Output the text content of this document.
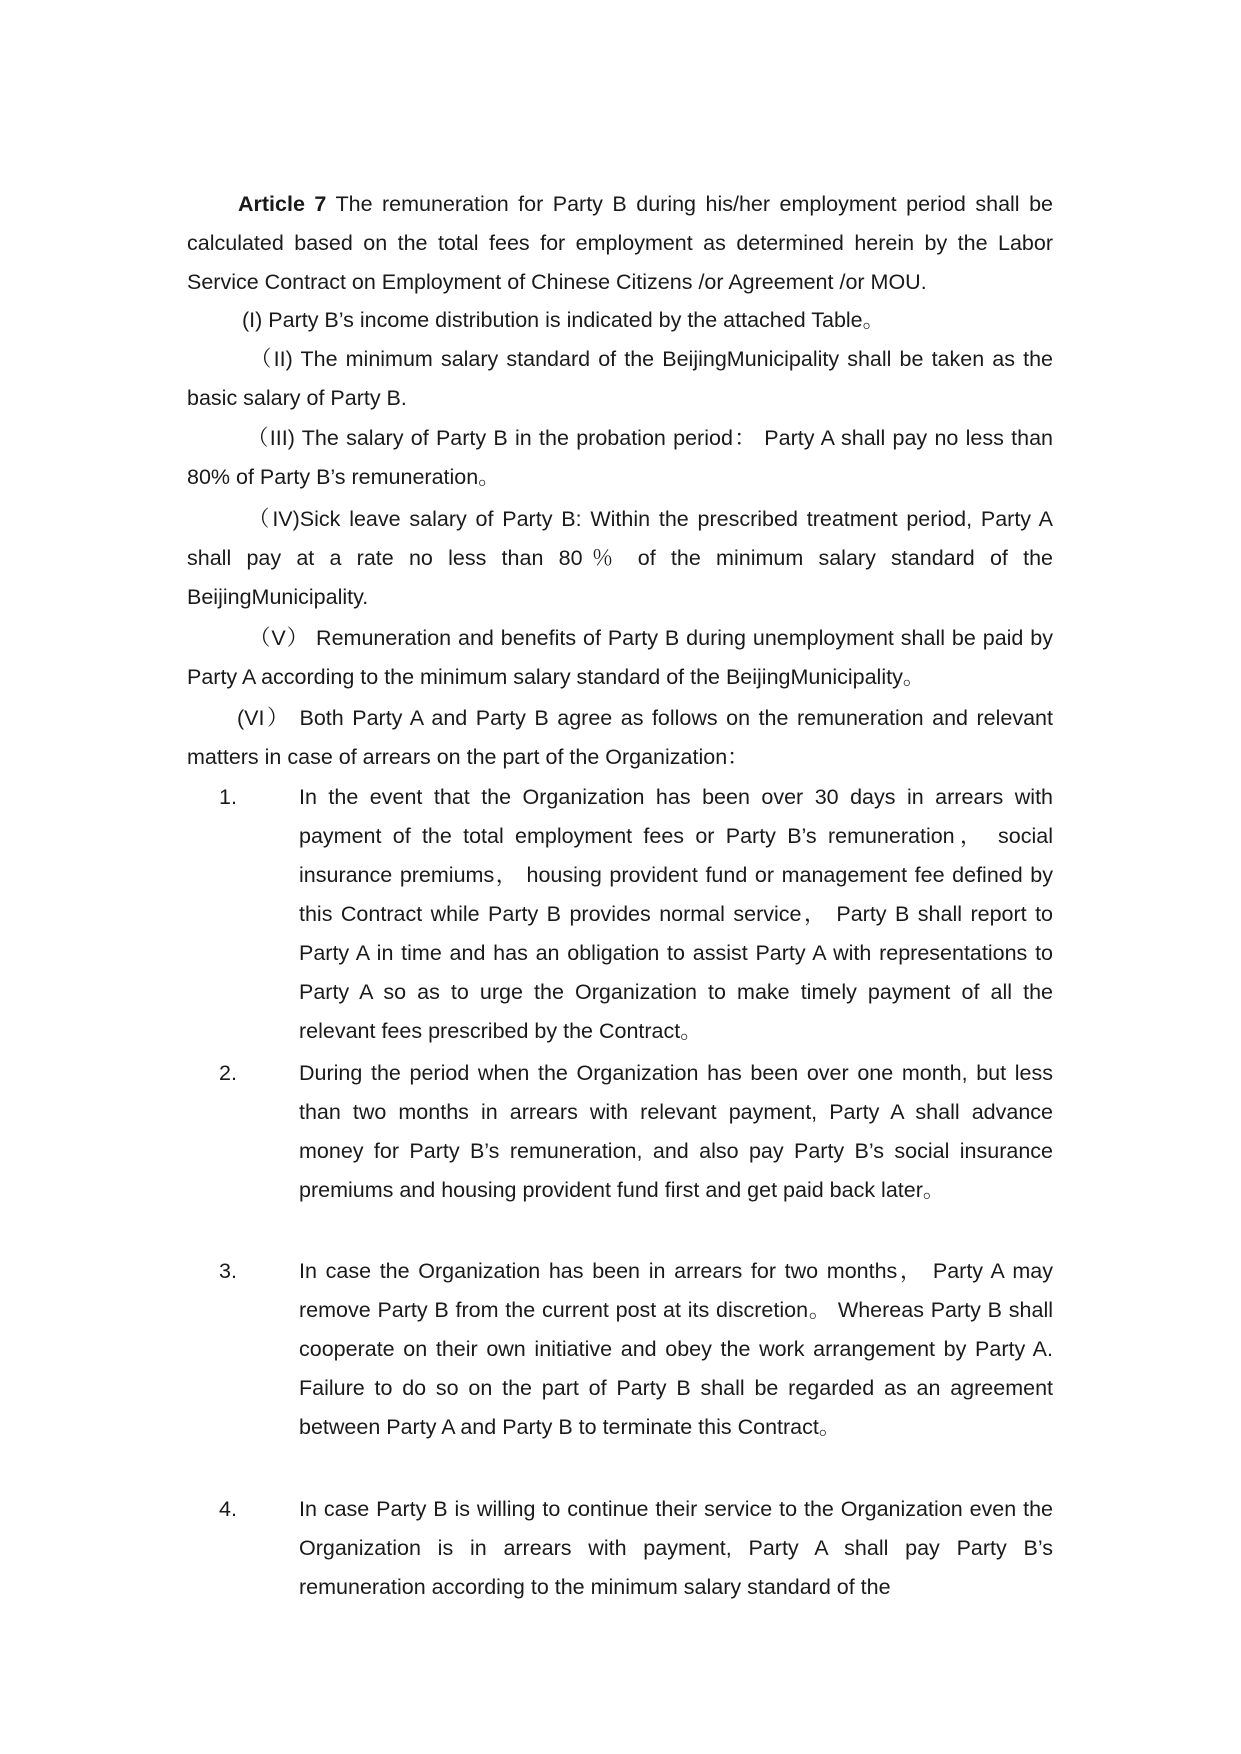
Article 7 The remuneration for Party B during his/her employment period shall be calculated based on the total fees for employment as determined herein by the Labor Service Contract on Employment of Chinese Citizens /or Agreement /or MOU.
(I) Party B’s income distribution is indicated by the attached Table。
（II) The minimum salary standard of the BeijingMunicipality shall be taken as the basic salary of Party B.
（III) The salary of Party B in the probation period： Party A shall pay no less than 80% of Party B’s remuneration。
（IV)Sick leave salary of Party B: Within the prescribed treatment period, Party A shall pay at a rate no less than 80％ of the minimum salary standard of the BeijingMunicipality.
（V） Remuneration and benefits of Party B during unemployment shall be paid by Party A according to the minimum salary standard of the BeijingMunicipality。
(VI） Both Party A and Party B agree as follows on the remuneration and relevant matters in case of arrears on the part of the Organization：
1.	In the event that the Organization has been over 30 days in arrears with payment of the total employment fees or Party B’s remuneration， social insurance premiums， housing provident fund or management fee defined by this Contract while Party B provides normal service， Party B shall report to Party A in time and has an obligation to assist Party A with representations to Party A so as to urge the Organization to make timely payment of all the relevant fees prescribed by the Contract。
2.	During the period when the Organization has been over one month, but less than two months in arrears with relevant payment, Party A shall advance money for Party B’s remuneration, and also pay Party B’s social insurance premiums and housing provident fund first and get paid back later。
3.	In case the Organization has been in arrears for two months， Party A may remove Party B from the current post at its discretion。 Whereas Party B shall cooperate on their own initiative and obey the work arrangement by Party A. Failure to do so on the part of Party B shall be regarded as an agreement between Party A and Party B to terminate this Contract。
4.	In case Party B is willing to continue their service to the Organization even the Organization is in arrears with payment, Party A shall pay Party B’s remuneration according to the minimum salary standard of the
